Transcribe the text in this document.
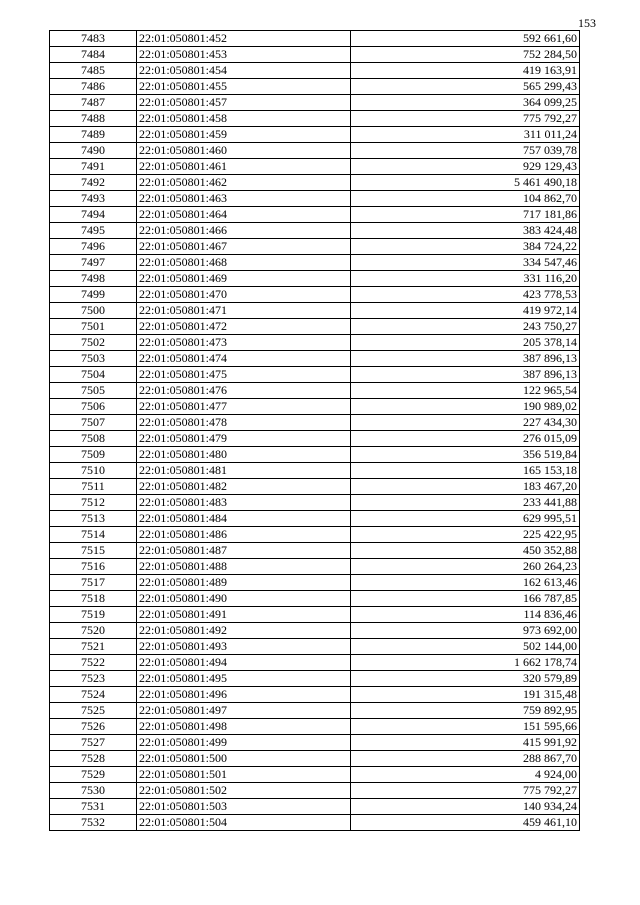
153
7483	22:01:050801:452	592 661,60
7484	22:01:050801:453	752 284,50
7485	22:01:050801:454	419 163,91
7486	22:01:050801:455	565 299,43
7487	22:01:050801:457	364 099,25
7488	22:01:050801:458	775 792,27
7489	22:01:050801:459	311 011,24
7490	22:01:050801:460	757 039,78
7491	22:01:050801:461	929 129,43
7492	22:01:050801:462	5 461 490,18
7493	22:01:050801:463	104 862,70
7494	22:01:050801:464	717 181,86
7495	22:01:050801:466	383 424,48
7496	22:01:050801:467	384 724,22
7497	22:01:050801:468	334 547,46
7498	22:01:050801:469	331 116,20
7499	22:01:050801:470	423 778,53
7500	22:01:050801:471	419 972,14
7501	22:01:050801:472	243 750,27
7502	22:01:050801:473	205 378,14
7503	22:01:050801:474	387 896,13
7504	22:01:050801:475	387 896,13
7505	22:01:050801:476	122 965,54
7506	22:01:050801:477	190 989,02
7507	22:01:050801:478	227 434,30
7508	22:01:050801:479	276 015,09
7509	22:01:050801:480	356 519,84
7510	22:01:050801:481	165 153,18
7511	22:01:050801:482	183 467,20
7512	22:01:050801:483	233 441,88
7513	22:01:050801:484	629 995,51
7514	22:01:050801:486	225 422,95
7515	22:01:050801:487	450 352,88
7516	22:01:050801:488	260 264,23
7517	22:01:050801:489	162 613,46
7518	22:01:050801:490	166 787,85
7519	22:01:050801:491	114 836,46
7520	22:01:050801:492	973 692,00
7521	22:01:050801:493	502 144,00
7522	22:01:050801:494	1 662 178,74
7523	22:01:050801:495	320 579,89
7524	22:01:050801:496	191 315,48
7525	22:01:050801:497	759 892,95
7526	22:01:050801:498	151 595,66
7527	22:01:050801:499	415 991,92
7528	22:01:050801:500	288 867,70
7529	22:01:050801:501	4 924,00
7530	22:01:050801:502	775 792,27
7531	22:01:050801:503	140 934,24
7532	22:01:050801:504	459 461,10
